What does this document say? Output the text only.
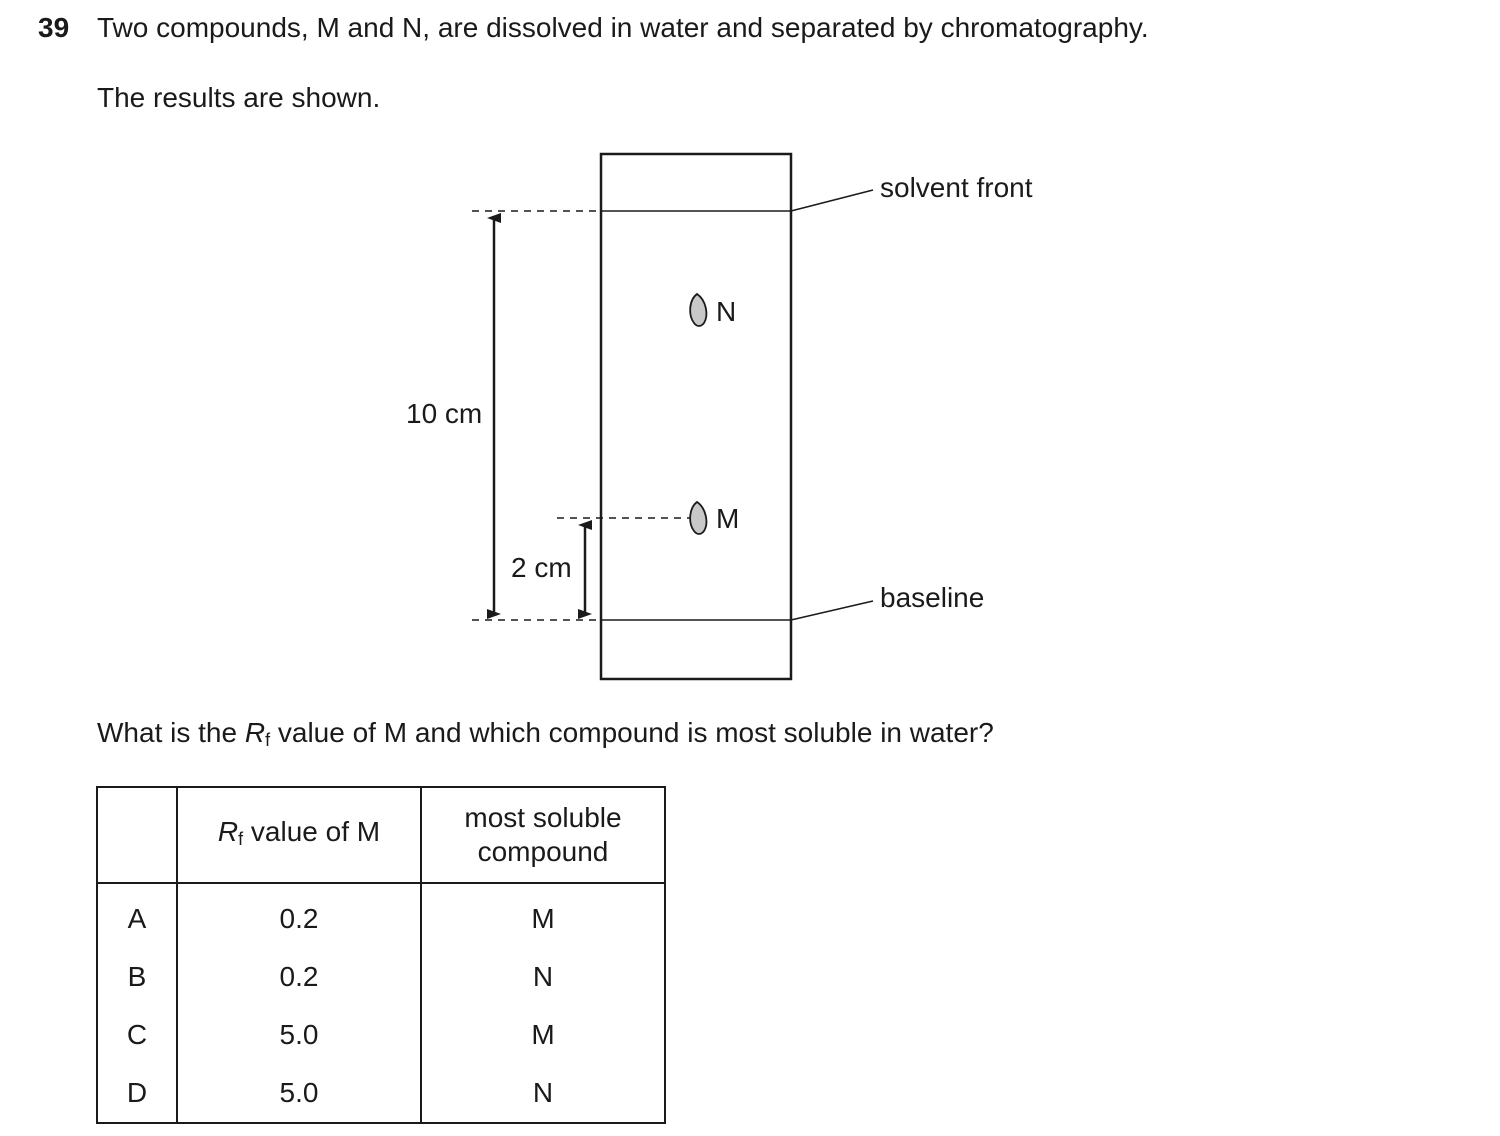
39 Two compounds, M and N, are dissolved in water and separated by chromatography.
The results are shown.
solvent front
baseline
N
M
10 cm
2 cm
What is the $R_f$ value of M and which compound is most soluble in water?
	$R_f$ value of M	most soluble
compound
A	0.2	M
B	0.2	N
C	5.0	M
D	5.0	N
